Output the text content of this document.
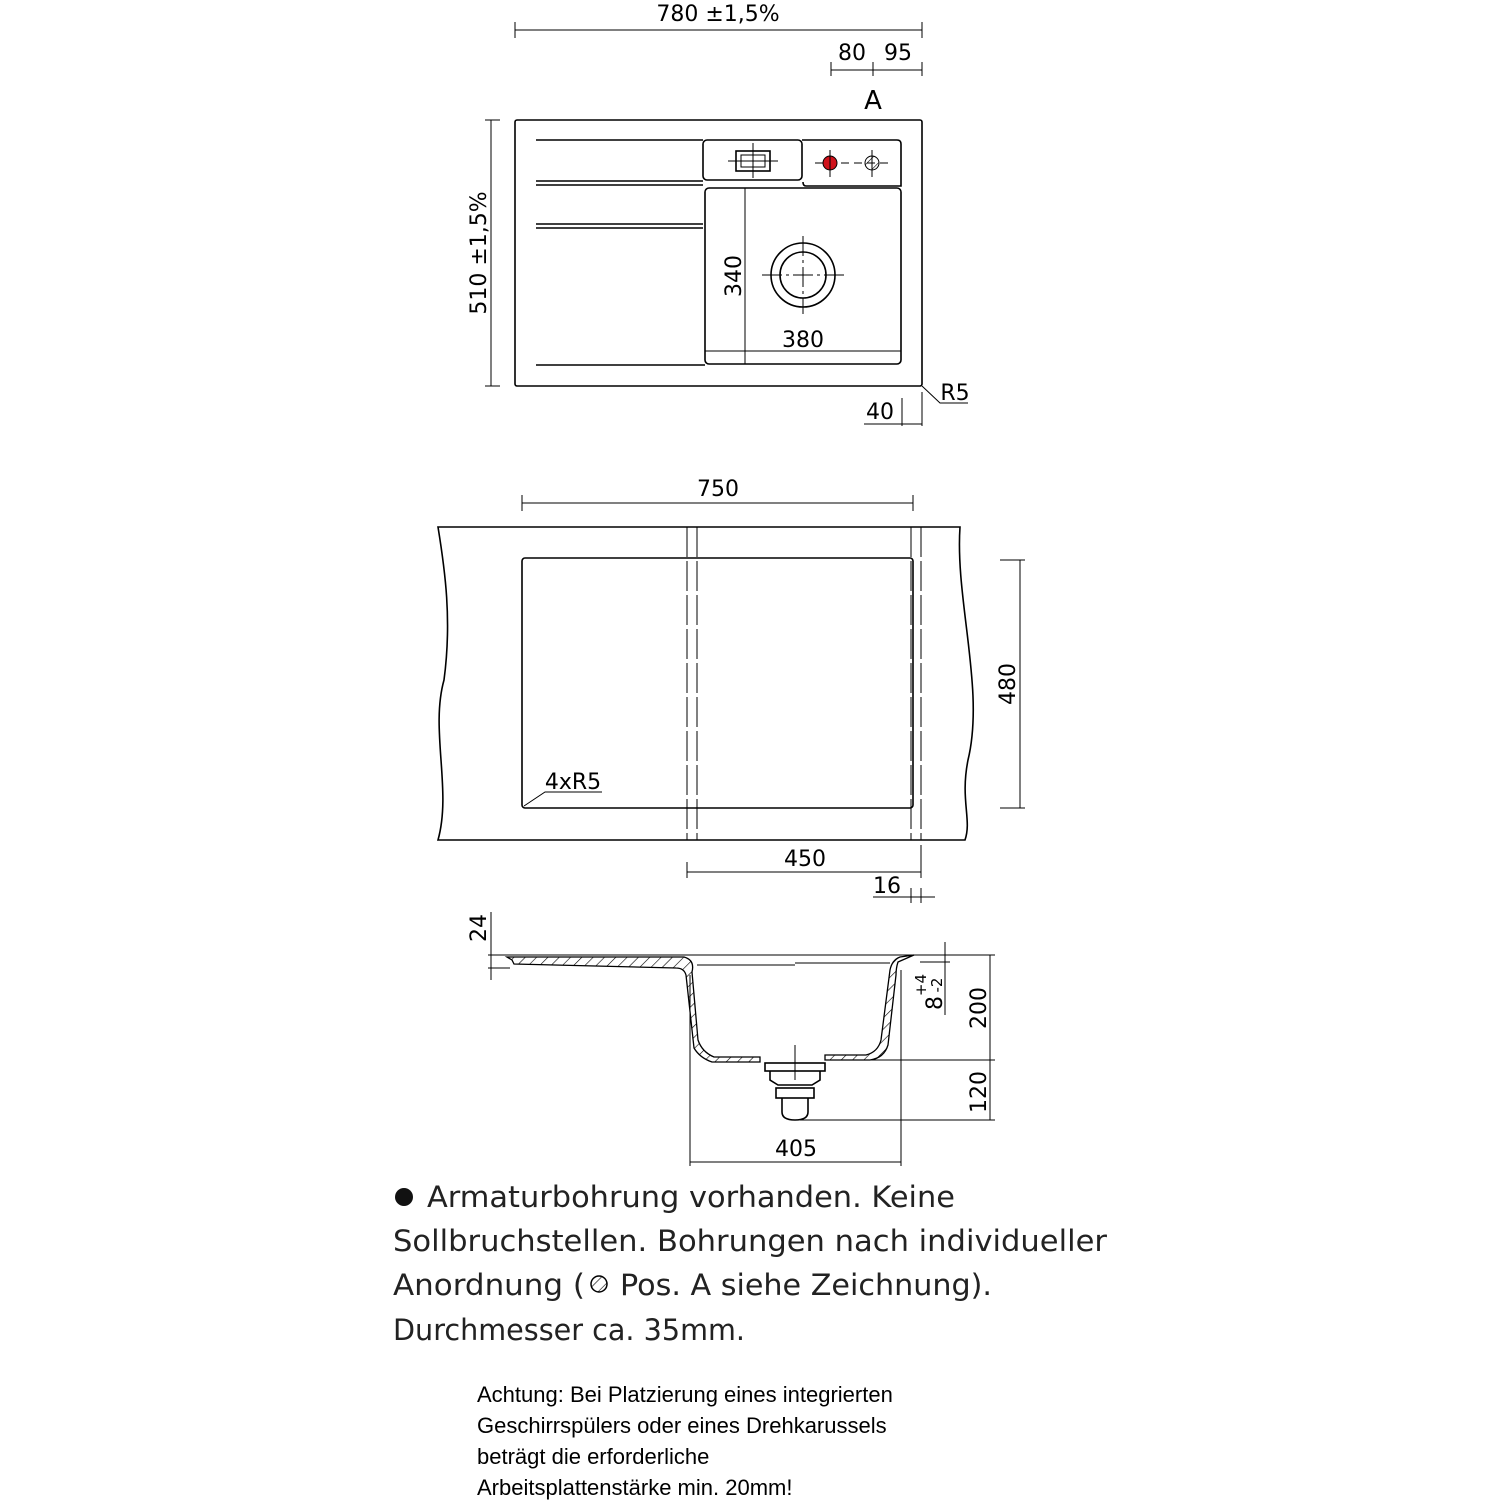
780 ±1,5%
80 95
A
510 ±1,5%	340
380
R5
40
750
4xR5
480
450
16
24
200
120
8
+4
-2
405
Armaturbohrung vorhanden. Keine
Sollbruchstellen. Bohrungen nach individueller
Anordnung ( Pos. A siehe Zeichnung).
Durchmesser ca. 35mm.
Achtung: Bei Platzierung eines integrierten
Geschirrspülers oder eines Drehkarussels
beträgt die erforderliche
Arbeitsplattenstärke min. 20mm!
